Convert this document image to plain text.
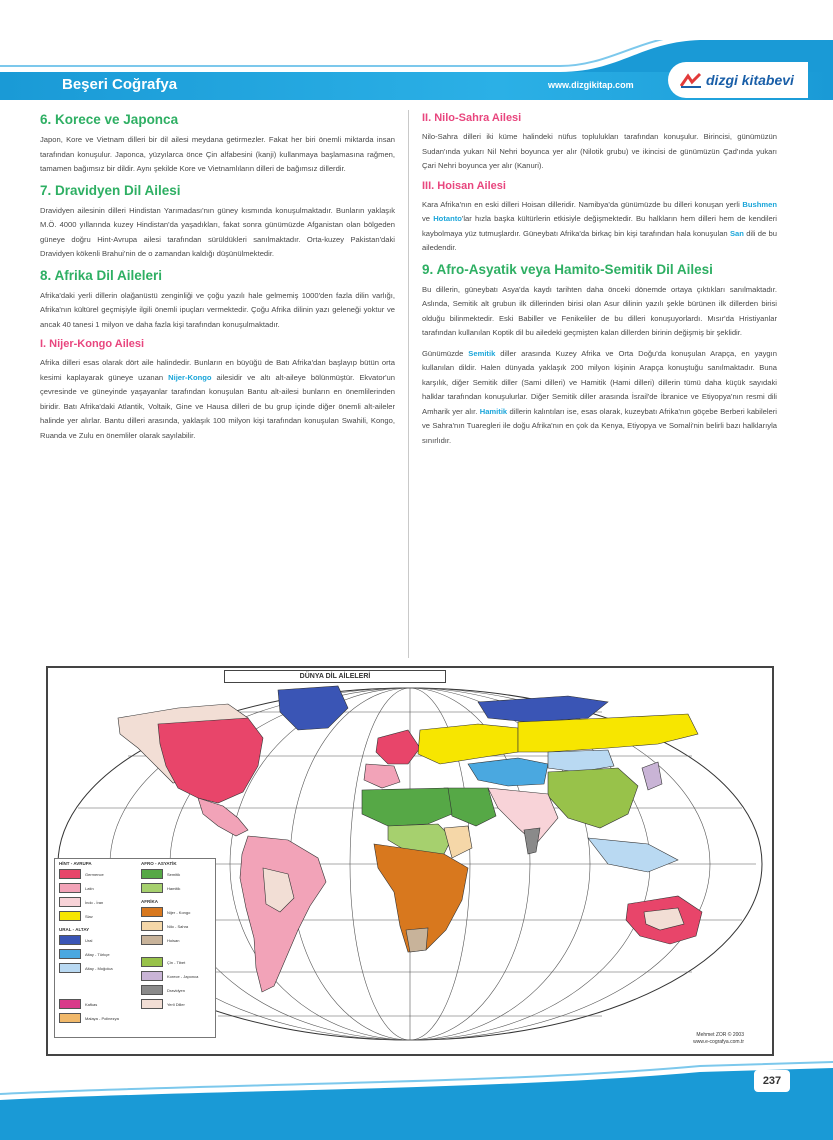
Beşeri Coğrafya	www.dizgikitap.com	dizgi kitabevi
6. Korece ve Japonca

Japon, Kore ve Vietnam dilleri bir dil ailesi meydana getirmezler. Fakat her biri önemli miktarda insan tarafından konuşulur. Japonca, yüzyılarca önce Çin alfabesini (kanji) kullanmaya başlamasına rağmen, tamamen bağımsız bir dildir. Aynı şekilde Kore ve Vietnamlıların dilleri de bağımsız dillerdir.

7. Dravidyen Dil Ailesi

Dravidyen ailesinin dilleri Hindistan Yarımadası'nın güney kısmında konuşulmaktadır. Bunların yaklaşık M.Ö. 4000 yıllarında kuzey Hindistan'da yaşadıkları, fakat sonra günümüzde Afganistan olan bölgeden güneye doğru Hint-Avrupa ailesi tarafından sürüldükleri sanılmaktadır. Orta-kuzey Pakistan'daki Dravidyen kökenli Brahui'nin de o zamandan kaldığı düşünülmektedir.

8. Afrika Dil Aileleri

Afrika'daki yerli dillerin olağanüstü zenginliği ve çoğu yazılı hale gelmemiş 1000'den fazla dilin varlığı, Afrika'nın kültürel geçmişiyle ilgili önemli ipuçları vermektedir. Çoğu Afrika dilinin yazı geleneği yoktur ve ancak 40 tanesi 1 milyon ve daha fazla kişi tarafından konuşulmaktadır.

I. Nijer-Kongo Ailesi

Afrika dilleri esas olarak dört aile halindedir. Bunların en büyüğü de Batı Afrika'dan başlayıp bütün orta kesimi kaplayarak güneye uzanan Nijer-Kongo ailesidir ve altı alt-aileye bölünmüştür. Ekvator'un çevresinde ve güneyinde yaşayanlar tarafından konuşulan Bantu alt-ailesi bunların en önemlilerinden biridir. Batı Afrika'daki Atlantik, Voltaik, Gine ve Hausa dilleri de bu grup içinde diğer önemli alt-aileler halinde yer alırlar. Bantu dilleri arasında, yaklaşık 100 milyon kişi tarafından konuşulan Swahili, Kongo, Ruanda ve Zulu en önemliler olarak sayılabilir.

II. Nilo-Sahra Ailesi

Nilo-Sahra dilleri iki küme halindeki nüfus toplulukları tarafından konuşulur. Birincisi, günümüzün Sudan'ında yukarı Nil Nehri boyunca yer alır (Nilotik grubu) ve ikincisi de günümüzün Çad'ında yukarı Çari Nehri boyunca yer alır (Kanuri).

III. Hoisan Ailesi

Kara Afrika'nın en eski dilleri Hoisan dilleridir. Namibya'da günümüzde bu dilleri konuşan yerli Bushmen ve Hotanto'lar hızla başka kültürlerin etkisiyle değişmektedir. Bu halkların hem dilleri hem de kendileri kaybolmaya yüz tutmuşlardır. Güneybatı Afrika'da birkaç bin kişi tarafından hala konuşulan San dili de bu ailedendir.

9. Afro-Asyatik veya Hamito-Semitik Dil Ailesi

Bu dillerin, güneybatı Asya'da kaydı tarihten daha önceki dönemde ortaya çıktıkları sanılmaktadır. Aslında, Semitik alt grubun ilk dillerinden birisi olan Asur dilinin yazılı şekle bürünen ilk dillerden birisi olduğu bilinmektedir. Eski Babiller ve Fenikeliler de bu dilleri konuşuyorlardı. Mısır'da Hristiyanlar tarafından kullanılan Koptik dil bu ailedeki geçmişten kalan dillerden birinin değişmiş bir şeklidir.

Günümüzde Semitik diller arasında Kuzey Afrika ve Orta Doğu'da konuşulan Arapça, en yaygın kullanılan dildir. Halen dünyada yaklaşık 200 milyon kişinin Arapça konuştuğu sanılmaktadır. Buna karşılık, diğer Semitik diller (Sami dilleri) ve Hamitik (Hami dilleri) dillerin tümü daha küçük sayıdaki halklar tarafından konuşulurlar. Diğer Semitik diller arasında İsrail'de İbranice ve Etiyopya'nın resmi dili Amharik yer alır. Hamitik dillerin kalıntıları ise, esas olarak, kuzeybatı Afrika'nın göçebe Berberi kabileleri ve Sahra'nın Tuaregleri ile doğu Afrika'nın en çok da Kenya, Etiyopya ve Somali'nin belirli bazı halklarıyla sınırlıdır.

DÜNYA DİL AİLELERİ
HİNT - AVRUPA
Germence
Latin
İndo - İran
Slav
URAL - ALTAY
Ural
Altay - Türkçe
Altay - Moğolca
Kafkas
Malaya - Polinezya
AFRO - ASYATİK
Semitik
Hamitik
AFRİKA
Nijer - Kongo
Nilo - Sahra
Hoisan
Çin - Tibet
Korece - Japonca
Dravidyen
Yerli Diller
Mehmet ZOR © 2003
www.e-cografya.com.tr
237
